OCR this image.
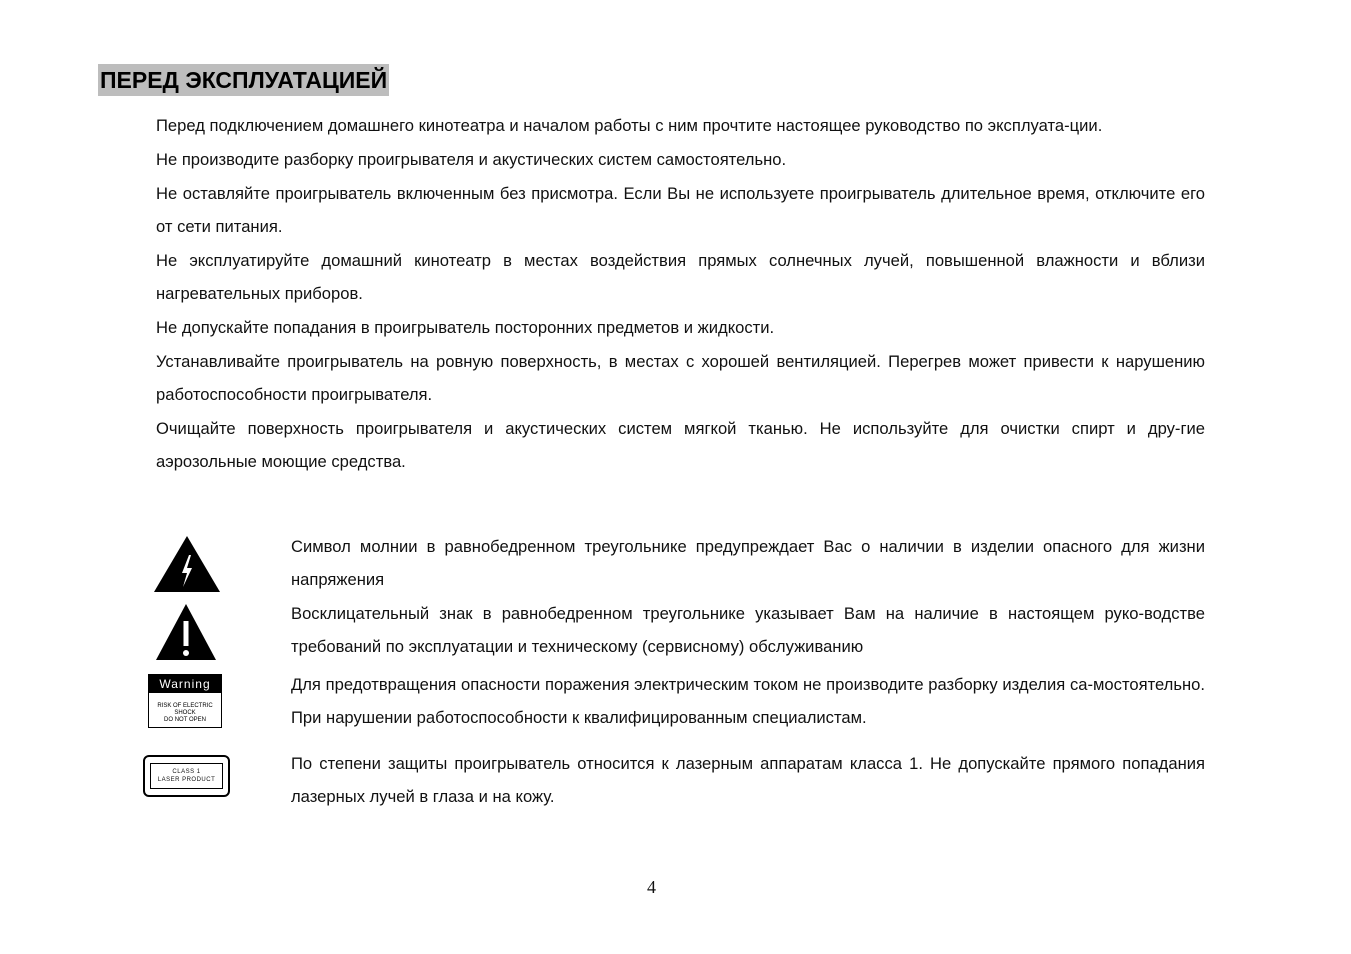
ПЕРЕД ЭКСПЛУАТАЦИЕЙ

Перед подключением домашнего кинотеатра и началом работы с ним прочтите настоящее руководство по эксплуата-ции.

Не производите разборку проигрывателя и акустических систем самостоятельно.

Не оставляйте проигрыватель включенным без присмотра. Если Вы не используете проигрыватель длительное время, отключите его от сети питания.

Не эксплуатируйте домашний кинотеатр в местах воздействия прямых солнечных лучей, повышенной влажности и вблизи нагревательных приборов.

Не допускайте попадания в проигрыватель посторонних предметов и жидкости.

Устанавливайте проигрыватель на ровную поверхность, в местах с хорошей вентиляцией. Перегрев может привести к нарушению работоспособности проигрывателя.

Очищайте поверхность проигрывателя и акустических систем мягкой тканью. Не используйте для очистки спирт и дру-гие аэрозольные моющие средства.

Символ молнии в равнобедренном треугольнике предупреждает Вас о наличии в изделии опасного для жизни напряжения
Восклицательный знак в равнобедренном треугольнике указывает Вам на наличие в настоящем руко-водстве требований по эксплуатации и техническому (сервисному) обслуживанию
Warning
RISK OF ELECTRIC SHOCK
DO NOT OPEN
Для предотвращения опасности поражения электрическим током не производите разборку изделия са-мостоятельно. При нарушении работоспособности к квалифицированным специалистам.
CLASS 1
LASER PRODUCT
По степени защиты проигрыватель относится к лазерным аппаратам класса 1. Не допускайте прямого попадания лазерных лучей в глаза и на кожу.
4
